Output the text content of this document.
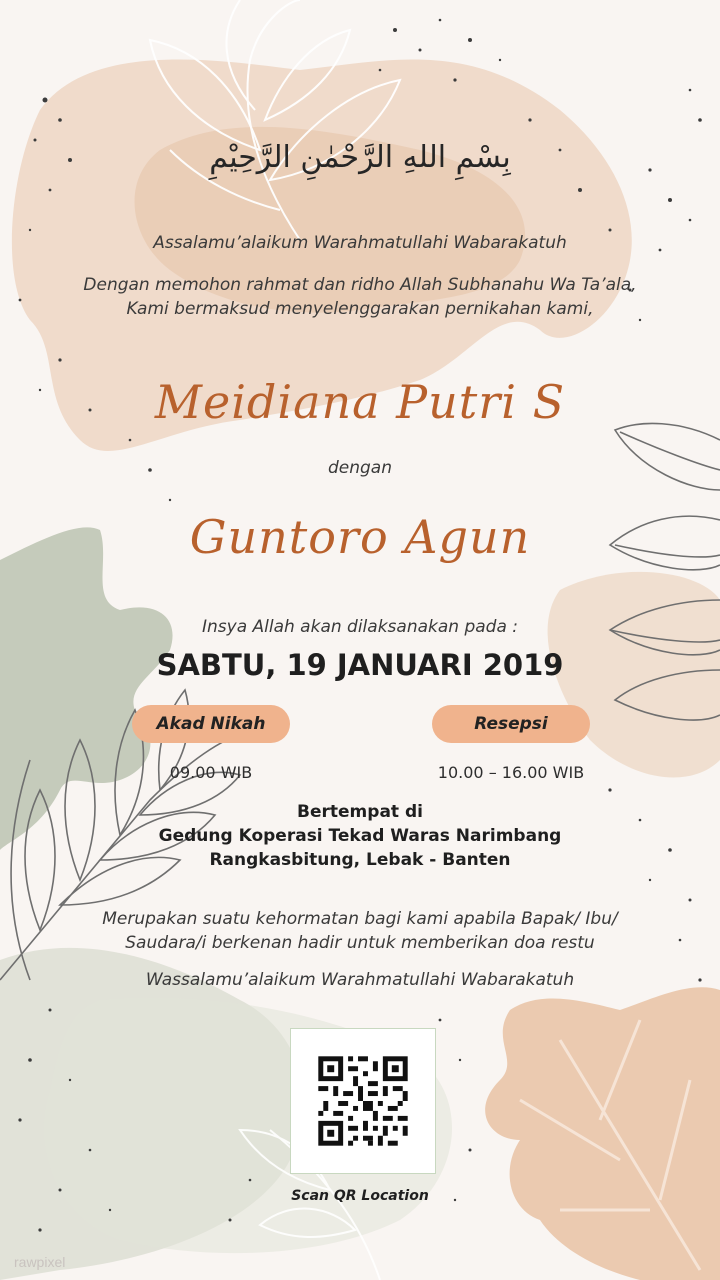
بِسْمِ اللهِ الرَّحْمٰنِ الرَّحِيْمِ
Assalamu’alaikum Warahmatullahi Wabarakatuh
Dengan memohon rahmat dan ridho Allah Subhanahu Wa Ta’ala,
Kami bermaksud menyelenggarakan pernikahan kami,
Meidiana Putri S
dengan
Guntoro Agun
Insya Allah akan dilaksanakan pada :
SABTU, 19 JANUARI 2019
Akad Nikah	Resepsi
09.00 WIB	10.00 – 16.00 WIB
Bertempat di
Gedung Koperasi Tekad Waras Narimbang
Rangkasbitung, Lebak - Banten
Merupakan suatu kehormatan bagi kami apabila Bapak/ Ibu/
Saudara/i berkenan hadir untuk memberikan doa restu
Wassalamu’alaikum Warahmatullahi Wabarakatuh
Scan QR Location
rawpixel
